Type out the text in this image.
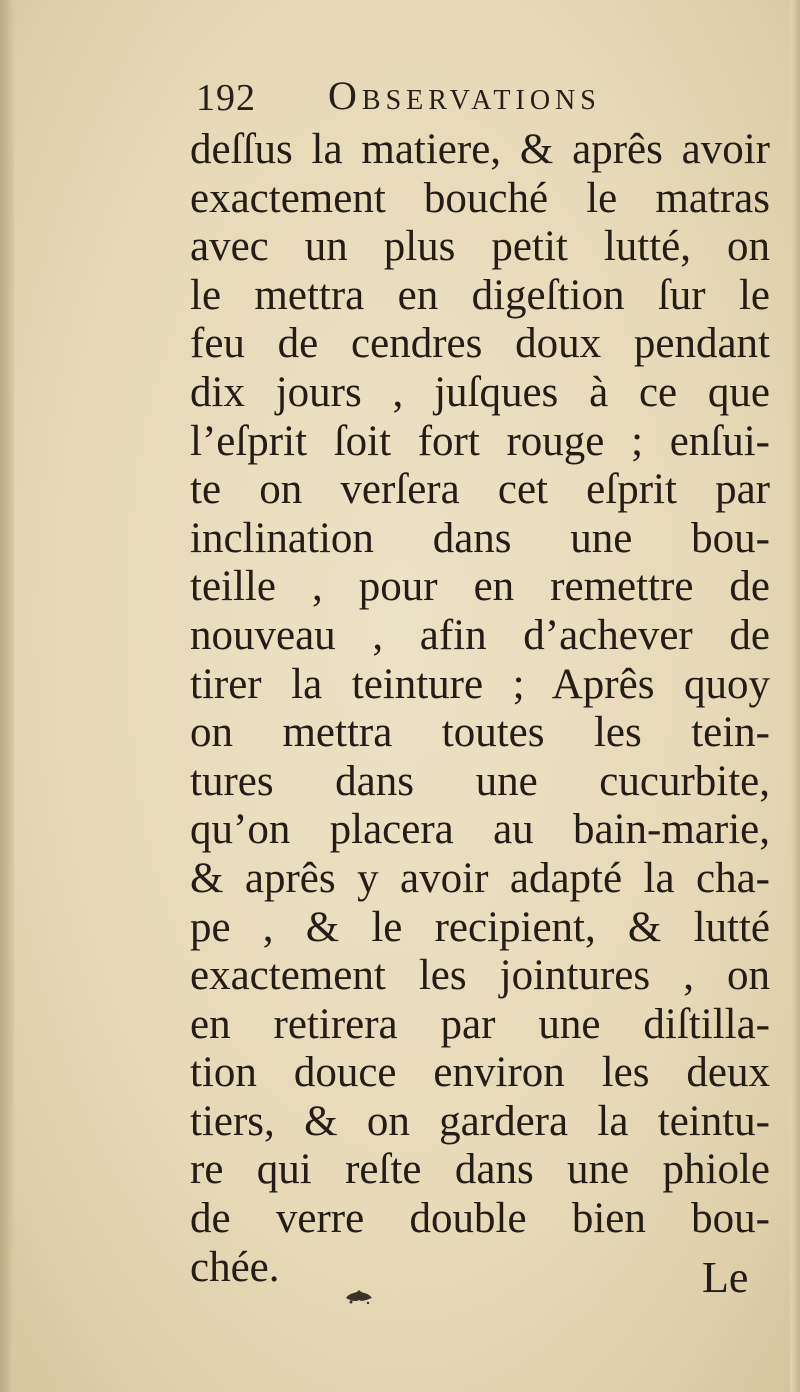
192 Observations
deſſus la matiere, & aprês avoir
exactement bouché le matras
avec un plus petit lutté, on
le mettra en digeſtion ſur le
feu de cendres doux pendant
dix jours , juſques à ce que
l’eſprit ſoit fort rouge ; enſui-
te on verſera cet eſprit par
inclination dans une bou-
teille , pour en remettre de
nouveau , afin d’achever de
tirer la teinture ; Aprês quoy
on mettra toutes les tein-
tures dans une cucurbite,
qu’on placera au bain-marie,
& aprês y avoir adapté la cha-
pe , & le recipient, & lutté
exactement les jointures , on
en retirera par une diſtilla-
tion douce environ les deux
tiers, & on gardera la teintu-
re qui reſte dans une phiole
de verre double bien bou-
chée.	Le
